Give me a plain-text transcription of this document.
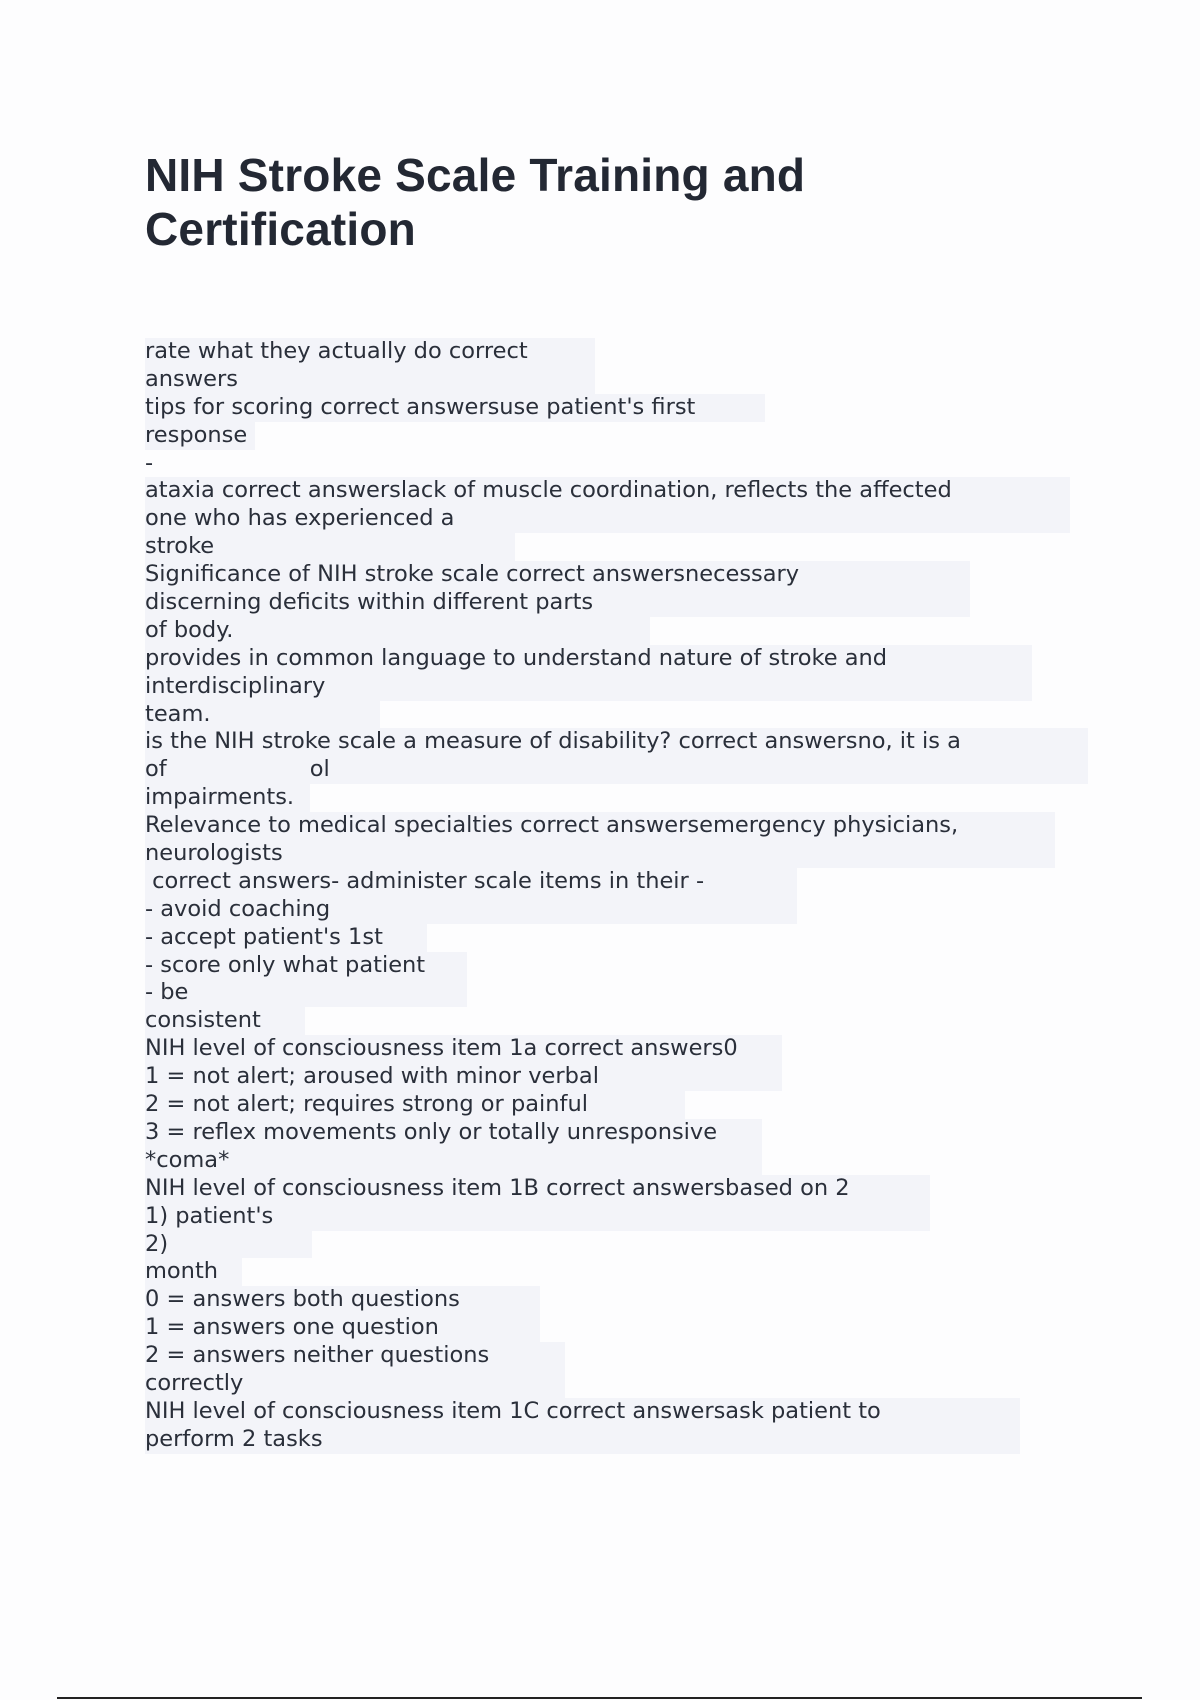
NIH Stroke Scale Training and Certification
rate what they actually do correct
answers
tips for scoring correct answersuse patient's first
response
-
ataxia correct answerslack of muscle coordination, reflects the affected
one who has experienced a
stroke
Significance of NIH stroke scale correct answersnecessary
discerning deficits within different parts
of body.
provides in common language to understand nature of stroke and
interdisciplinary
team.
is the NIH stroke scale a measure of disability? correct answersno, it is a
of                    ol
impairments.
Relevance to medical specialties correct answersemergency physicians,
neurologists
correct answers- administer scale items in their -
- avoid coaching
- accept patient's 1st
- score only what patient
- be
consistent
NIH level of consciousness item 1a correct answers0
1 = not alert; aroused with minor verbal
2 = not alert; requires strong or painful
3 = reflex movements only or totally unresponsive
*coma*
NIH level of consciousness item 1B correct answersbased on 2
1) patient's
2)
month
0 = answers both questions
1 = answers one question
2 = answers neither questions
correctly
NIH level of consciousness item 1C correct answersask patient to
perform 2 tasks
